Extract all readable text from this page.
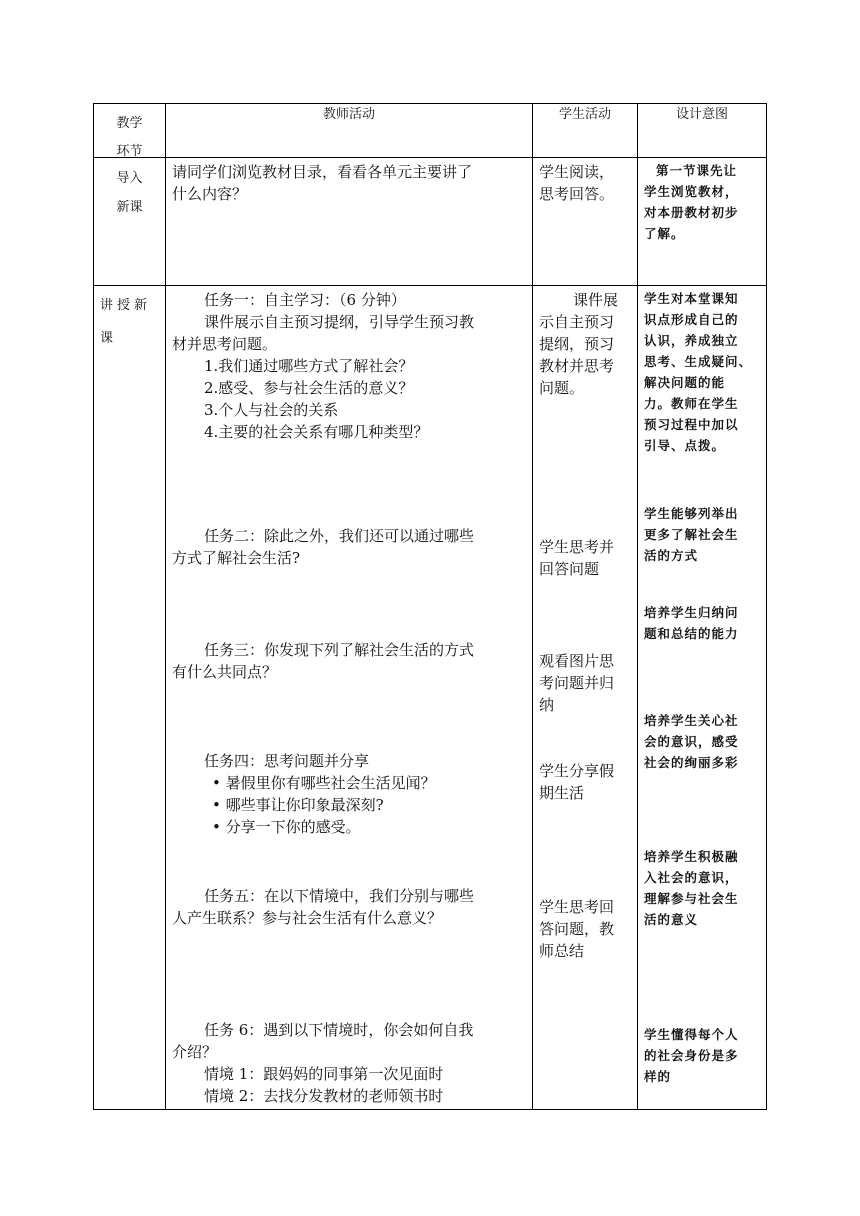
教学
环节
教师活动	学生活动	设计意图
导入
新课
请同学们浏览教材目录，看看各单元主要讲了
什么内容？
学生阅读，
思考回答。
第一节课先让
学生浏览教材，
对本册教材初步
了解。
讲授新
课
任务一：自主学习：（6 分钟）
课件展示自主预习提纲，引导学生预习教
材并思考问题。
1.我们通过哪些方式了解社会？
2.感受、参与社会生活的意义？
3.个人与社会的关系
4.主要的社会关系有哪几种类型？
课件展
示自主预习
提纲，预习
教材并思考
问题。
学生对本堂课知
识点形成自己的
认识，养成独立
思考、生成疑问、
解决问题的能
力。教师在学生
预习过程中加以
引导、点拨。
任务二：除此之外，我们还可以通过哪些
方式了解社会生活?
学生思考并
回答问题
学生能够列举出
更多了解社会生
活的方式
任务三：你发现下列了解社会生活的方式
有什么共同点？
观看图片思
考问题并归
纳
培养学生归纳问
题和总结的能力
任务四：思考问题并分享
• 暑假里你有哪些社会生活见闻？
• 哪些事让你印象最深刻?
• 分享一下你的感受。
学生分享假
期生活
培养学生关心社
会的意识，感受
社会的绚丽多彩
任务五：在以下情境中，我们分别与哪些
人产生联系？参与社会生活有什么意义？
学生思考回
答问题，教
师总结
培养学生积极融
入社会的意识，
理解参与社会生
活的意义
任务 6：遇到以下情境时，你会如何自我
介绍？
情境 1：跟妈妈的同事第一次见面时
情境 2：去找分发教材的老师领书时
学生懂得每个人
的社会身份是多
样的
